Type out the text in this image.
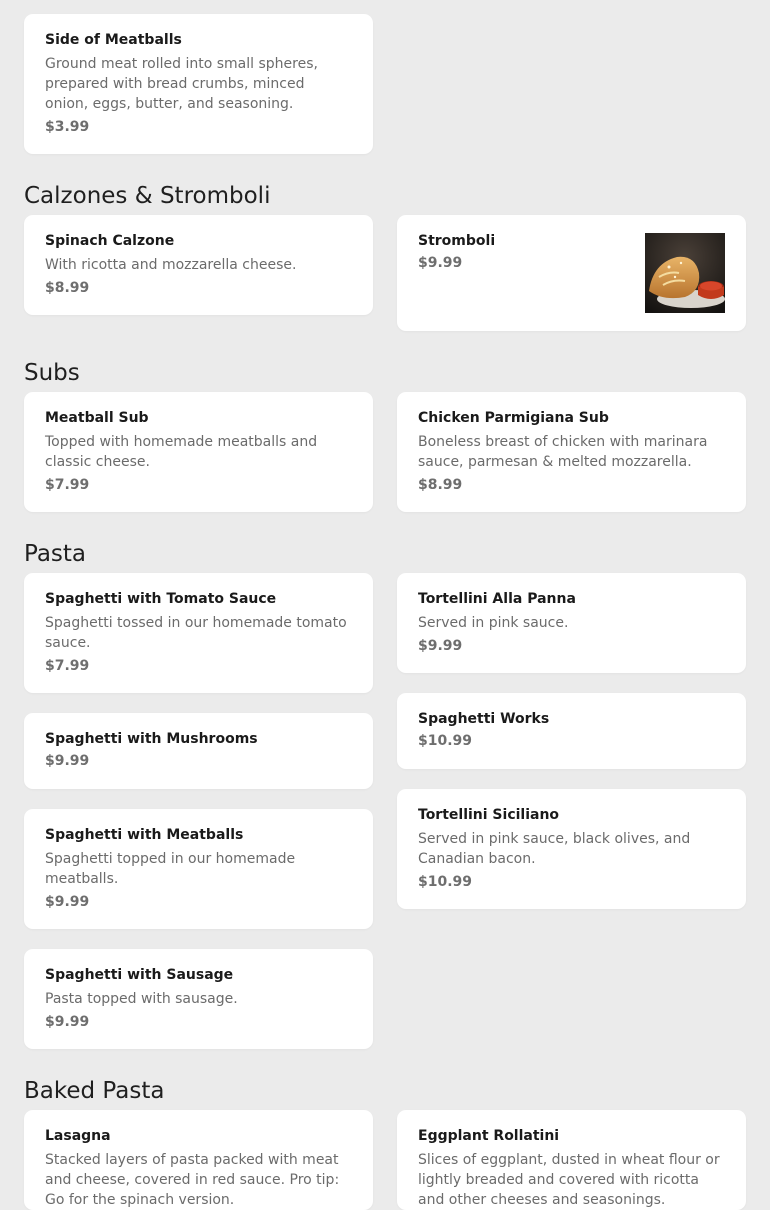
Side of Meatballs
Ground meat rolled into small spheres, prepared with bread crumbs, minced onion, eggs, butter, and seasoning.
$3.99
Calzones & Stromboli
Spinach Calzone
With ricotta and mozzarella cheese.
$8.99
Stromboli
$9.99
Subs
Meatball Sub
Topped with homemade meatballs and classic cheese.
$7.99
Chicken Parmigiana Sub
Boneless breast of chicken with marinara sauce, parmesan & melted mozzarella.
$8.99
Pasta
Spaghetti with Tomato Sauce
Spaghetti tossed in our homemade tomato sauce.
$7.99
Tortellini Alla Panna
Served in pink sauce.
$9.99
Spaghetti Works
$10.99
Spaghetti with Mushrooms
$9.99
Tortellini Siciliano
Served in pink sauce, black olives, and Canadian bacon.
$10.99
Spaghetti with Meatballs
Spaghetti topped in our homemade meatballs.
$9.99
Spaghetti with Sausage
Pasta topped with sausage.
$9.99
Baked Pasta
Lasagna
Stacked layers of pasta packed with meat and cheese, covered in red sauce. Pro tip: Go for the spinach version.
Eggplant Rollatini
Slices of eggplant, dusted in wheat flour or lightly breaded and covered with ricotta and other cheeses and seasonings.
